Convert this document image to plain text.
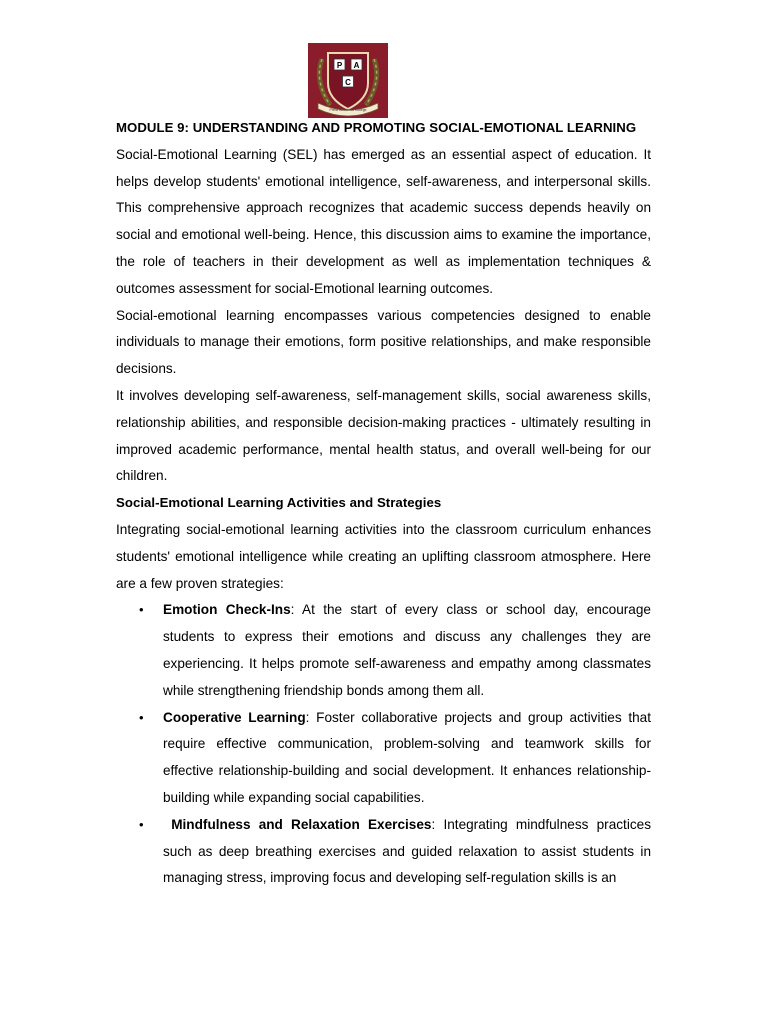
P A
C
Prime Academic College

MODULE 9: UNDERSTANDING AND PROMOTING SOCIAL-EMOTIONAL LEARNING

Social-Emotional Learning (SEL) has emerged as an essential aspect of education. It helps develop students' emotional intelligence, self-awareness, and interpersonal skills. This comprehensive approach recognizes that academic success depends heavily on social and emotional well-being. Hence, this discussion aims to examine the importance, the role of teachers in their development as well as implementation techniques & outcomes assessment for social-Emotional learning outcomes.

Social-emotional learning encompasses various competencies designed to enable individuals to manage their emotions, form positive relationships, and make responsible decisions.

It involves developing self-awareness, self-management skills, social awareness skills, relationship abilities, and responsible decision-making practices - ultimately resulting in improved academic performance, mental health status, and overall well-being for our children.

Social-Emotional Learning Activities and Strategies

Integrating social-emotional learning activities into the classroom curriculum enhances students' emotional intelligence while creating an uplifting classroom atmosphere. Here are a few proven strategies:

• Emotion Check-Ins: At the start of every class or school day, encourage students to express their emotions and discuss any challenges they are experiencing. It helps promote self-awareness and empathy among classmates while strengthening friendship bonds among them all.
• Cooperative Learning: Foster collaborative projects and group activities that require effective communication, problem-solving and teamwork skills for effective relationship-building and social development. It enhances relationship-building while expanding social capabilities.
• Mindfulness and Relaxation Exercises: Integrating mindfulness practices such as deep breathing exercises and guided relaxation to assist students in managing stress, improving focus and developing self-regulation skills is an
